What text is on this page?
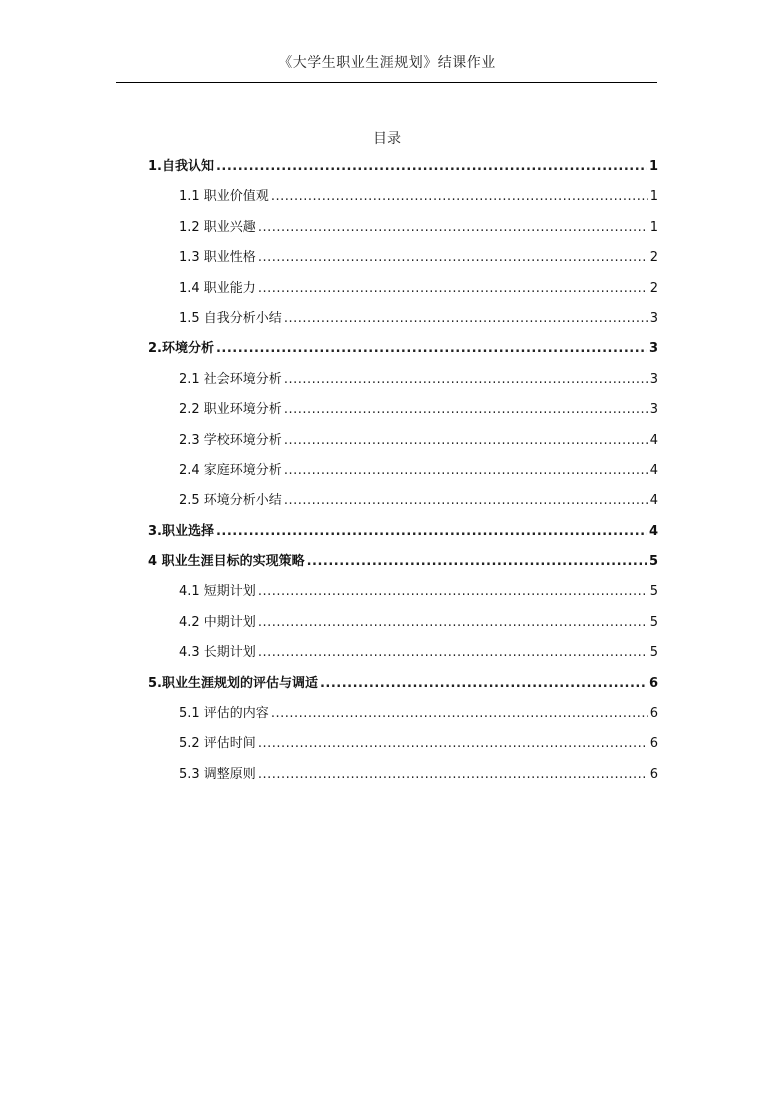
《大学生职业生涯规划》结课作业
目录
1.自我认知 .....	1
1.1 职业价值观 .....	1
1.2 职业兴趣 .....	1
1.3 职业性格 .....	2
1.4 职业能力 .....	2
1.5 自我分析小结 .....	3
2.环境分析 .....	3
2.1 社会环境分析 .....	3
2.2 职业环境分析 .....	3
2.3 学校环境分析 .....	4
2.4 家庭环境分析 .....	4
2.5 环境分析小结 .....	4
3.职业选择 .....	4
4 职业生涯目标的实现策略 .....	5
4.1 短期计划 .....	5
4.2 中期计划 .....	5
4.3 长期计划 .....	5
5.职业生涯规划的评估与调适 .....	6
5.1 评估的内容 .....	6
5.2 评估时间 .....	6
5.3 调整原则 .....	6
